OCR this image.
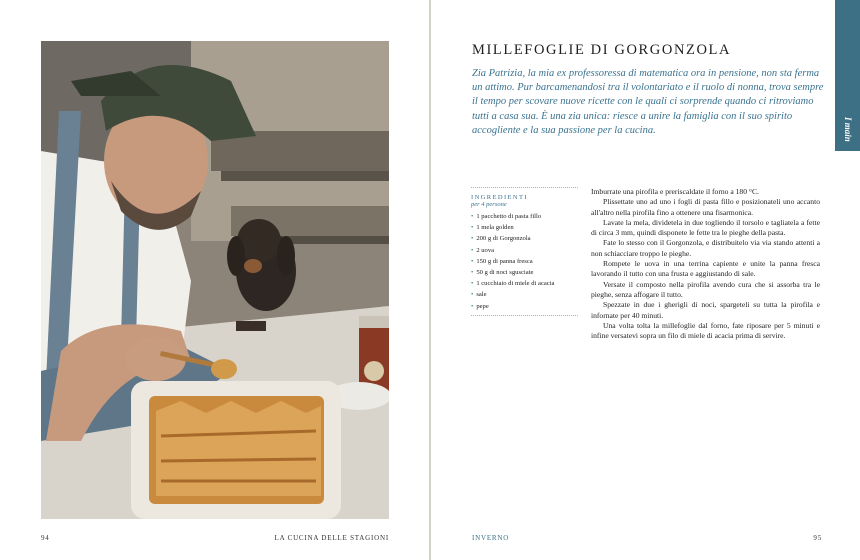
94	LA CUCINA DELLE STAGIONI
I main
MILLEFOGLIE DI GORGONZOLA
Zia Patrizia, la mia ex professoressa di matematica ora in pensione, non sta ferma un attimo. Pur barcamenandosi tra il volontariato e il ruolo di nonna, trova sempre il tempo per scovare nuove ricette con le quali ci sorprende quando ci ritroviamo tutti a casa sua. È una zia unica: riesce a unire la famiglia con il suo spirito accogliente e la sua passione per la cucina.
INGREDIENTI
per 4 persone
• 1 pacchetto di pasta fillo
• 1 mela golden
• 200 g di Gorgonzola
• 2 uova
• 150 g di panna fresca
• 50 g di noci sgusciate
• 1 cucchiaio di miele di acacia
• sale
• pepe

Imburrate una pirofila e preriscaldate il forno a 180 °C.

Plissettate uno ad uno i fogli di pasta fillo e posizionateli uno accanto all'altro nella pirofila fino a ottenere una fisarmonica.

Lavate la mela, dividetela in due togliendo il torsolo e tagliatela a fette di circa 3 mm, quindi disponete le fette tra le pieghe della pasta.

Fate lo stesso con il Gorgonzola, e distribuitelo via via stando attenti a non schiacciare troppo le pieghe.

Rompete le uova in una terrina capiente e unite la panna fresca lavorando il tutto con una frusta e aggiustando di sale.

Versate il composto nella pirofila avendo cura che si assorba tra le pieghe, senza affogare il tutto.

Spezzate in due i gherigli di noci, spargeteli su tutta la pirofila e infornate per 40 minuti.

Una volta tolta la millefoglie dal forno, fate riposare per 5 minuti e infine versatevi sopra un filo di miele di acacia prima di servire.

INVERNO	95
